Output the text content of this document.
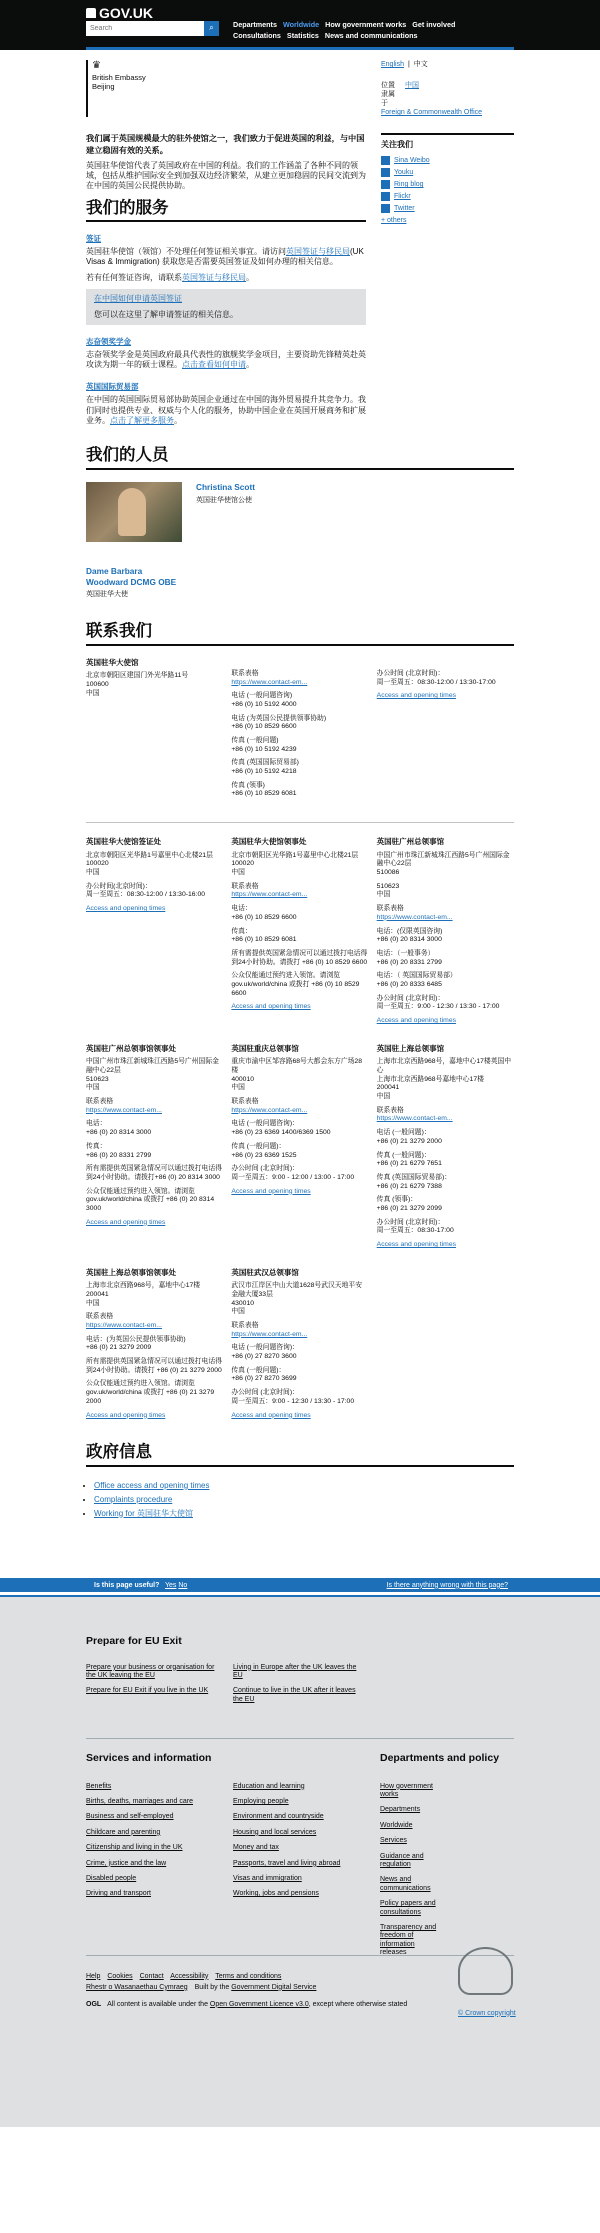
GOV.UK
Search
⌕	Departments Worldwide How government works Get involved
Consultations Statistics News and communications
♛
British Embassy
Beijing
English | 中文
位置	中国
隶属于
Foreign & Commonwealth Office

我们属于英国规模最大的驻外使馆之一，我们致力于促进英国的利益，与中国建立稳固有效的关系。

英国驻华使馆代表了英国政府在中国的利益。我们的工作涵盖了各种不同的领域，包括从维护国际安全到加强双边经济繁荣，从建立更加稳固的民间交流到为在中国的英国公民提供协助。

我们的服务
签证

英国驻华使馆（领馆）不处理任何签证相关事宜。请访问英国签证与移民局(UK Visas & Immigration) 获取您是否需要英国签证及如何办理的相关信息。

若有任何签证咨询，请联系英国签证与移民局。

在中国如何申请英国签证
您可以在这里了解申请签证的相关信息。
志奋领奖学金

志奋领奖学金是英国政府最具代表性的旗舰奖学金项目，主要资助先锋精英赴英攻读为期一年的硕士课程。点击查看如何申请。

英国国际贸易部

在中国的英国国际贸易部协助英国企业通过在中国的海外贸易提升其竞争力。我们同时也提供专业、权威与个人化的服务，协助中国企业在英国开展商务和扩展业务。点击了解更多服务。

关注我们
Sina Weibo
Youku
Ring blog
Flickr
Twitter
+ others
我们的人员
Dame Barbara
Woodward DCMG OBE
英国驻华大使
Christina Scott
英国驻华使馆公使
联系我们
英国驻华大使馆
北京市朝阳区建国门外光华路11号
100600
中国
联系表格
https://www.contact-em...
电话 (一般问题咨询)
+86 (0) 10 5192 4000
电话 (为英国公民提供领事协助)
+86 (0) 10 8529 6600
传真 (一般问题)
+86 (0) 10 5192 4239
传真 (英国国际贸易部)
+86 (0) 10 5192 4218
传真 (领事)
+86 (0) 10 8529 6081
办公时间 (北京时间)：
周一至周五：08:30-12:00 / 13:30-17:00
Access and opening times
英国驻华大使馆签证处
北京市朝阳区光华路1号嘉里中心北楼21层
100020
中国
办公时间(北京时间)：
周一至周五：08:30-12:00 / 13:30-16:00
Access and opening times
英国驻华大使馆领事处
北京市朝阳区光华路1号嘉里中心北楼21层
100020
中国
联系表格
https://www.contact-em...
电话：
+86 (0) 10 8529 6600
传真：
+86 (0) 10 8529 6081
所有需提供英国紧急情况可以通过拨打电话得到24小时协助。请拨打 +86 (0) 10 8529 6600
公众仅能通过预约进入领馆。请浏览 gov.uk/world/china 或拨打 +86 (0) 10 8529 6600
Access and opening times
英国驻广州总领事馆
中国广州市珠江新城珠江西路5号广州国际金融中心22层
510086
510623
中国
联系表格
https://www.contact-em...
电话：(仅限英国咨询)
+86 (0) 20 8314 3000
电话：（一般事务）
+86 (0) 20 8331 2799
电话：（ 英国国际贸易部）
+86 (0) 20 8333 6485
办公时间 (北京时间)：
周一至周五：9:00 - 12:30 / 13:30 - 17:00
Access and opening times
英国驻广州总领事馆领事处
中国广州市珠江新城珠江西路5号广州国际金融中心22层
510623
中国
联系表格
https://www.contact-em...
电话：
+86 (0) 20 8314 3000
传真：
+86 (0) 20 8331 2799
所有需提供英国紧急情况可以通过拨打电话得到24小时协助。请拨打+86 (0) 20 8314 3000
公众仅能通过预约进入领馆。请浏览 gov.uk/world/china 或拨打 +86 (0) 20 8314 3000
Access and opening times
英国驻重庆总领事馆
重庆市渝中区邹容路68号大都会东方广场28楼
400010
中国
联系表格
https://www.contact-em...
电话 (一般问题咨询)：
+86 (0) 23 6369 1400/6369 1500
传真 (一般问题)：
+86 (0) 23 6369 1525
办公时间 (北京时间)：
周一至周五：9:00 - 12:00 / 13:00 - 17:00
Access and opening times
英国驻上海总领事馆
上海市北京西路968号，嘉地中心17楼英国中心
上海市北京西路968号嘉地中心17楼
200041
中国
联系表格
https://www.contact-em...
电话 (一般问题)：
+86 (0) 21 3279 2000
传真 (一般问题)：
+86 (0) 21 6279 7651
传真 (英国国际贸易部)：
+86 (0) 21 6279 7388
传真 (领事)：
+86 (0) 21 3279 2099
办公时间 (北京时间)：
周一至周五：08:30-17:00
Access and opening times
英国驻上海总领事馆领事处
上海市北京西路968号，嘉地中心17楼
200041
中国
联系表格
https://www.contact-em...
电话：(为英国公民提供领事协助)
+86 (0) 21 3279 2009
所有需提供英国紧急情况可以通过拨打电话得到24小时协助。请拨打 +86 (0) 21 3279 2000
公众仅能通过预约进入领馆。请浏览 gov.uk/world/china 或拨打 +86 (0) 21 3279 2000
Access and opening times
英国驻武汉总领事馆
武汉市江岸区中山大道1628号武汉天地平安金融大厦33层
430010
中国
联系表格
https://www.contact-em...
电话 (一般问题咨询)：
+86 (0) 27 8270 3600
传真 (一般问题)：
+86 (0) 27 8270 3699
办公时间 (北京时间)：
周一至周五：9:00 - 12:30 / 13:30 - 17:00
Access and opening times
政府信息
• Office access and opening times
• Complaints procedure
• Working for 英国驻华大使馆
Is this page useful? Yes No	Is there anything wrong with this page?
Prepare for EU Exit
Prepare your business or organisation for the UK leaving the EU
Prepare for EU Exit if you live in the UK
Living in Europe after the UK leaves the EU
Continue to live in the UK after it leaves the EU
Services and information
Benefits
Births, deaths, marriages and care
Business and self-employed
Childcare and parenting
Citizenship and living in the UK
Crime, justice and the law
Disabled people
Driving and transport
Education and learning
Employing people
Environment and countryside
Housing and local services
Money and tax
Passports, travel and living abroad
Visas and immigration
Working, jobs and pensions
Departments and policy
How government works
Departments
Worldwide
Services
Guidance and regulation
News and communications
Policy papers and consultations
Transparency and freedom of information releases
Help Cookies Contact Accessibility Terms and conditions
Rhestr o Wasanaethau Cymraeg Built by the Government Digital Service
OGL All content is available under the Open Government Licence v3.0, except where otherwise stated
© Crown copyright
